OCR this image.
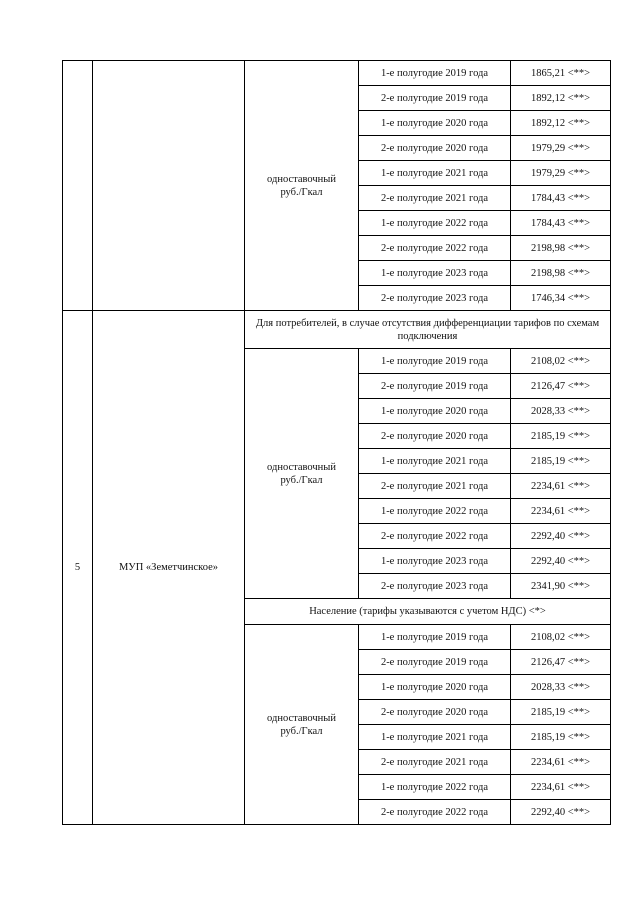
одноставочный
руб./Гкал
1-е полугодие 2019 года	1865,21 <**>
2-е полугодие 2019 года	1892,12 <**>
1-е полугодие 2020 года	1892,12 <**>
2-е полугодие 2020 года	1979,29 <**>
1-е полугодие 2021 года	1979,29 <**>
2-е полугодие 2021 года	1784,43 <**>
1-е полугодие 2022 года	1784,43 <**>
2-е полугодие 2022 года	2198,98 <**>
1-е полугодие 2023 года	2198,98 <**>
2-е полугодие 2023 года	1746,34 <**>
5	МУП «Земетчинское»
Для потребителей, в случае отсутствия дифференциации тарифов по схемам подключения
одноставочный
руб./Гкал
1-е полугодие 2019 года	2108,02 <**>
2-е полугодие 2019 года	2126,47 <**>
1-е полугодие 2020 года	2028,33 <**>
2-е полугодие 2020 года	2185,19 <**>
1-е полугодие 2021 года	2185,19 <**>
2-е полугодие 2021 года	2234,61 <**>
1-е полугодие 2022 года	2234,61 <**>
2-е полугодие 2022 года	2292,40 <**>
1-е полугодие 2023 года	2292,40 <**>
2-е полугодие 2023 года	2341,90 <**>
Население (тарифы указываются с учетом НДС) <*>
одноставочный
руб./Гкал
1-е полугодие 2019 года	2108,02 <**>
2-е полугодие 2019 года	2126,47 <**>
1-е полугодие 2020 года	2028,33 <**>
2-е полугодие 2020 года	2185,19 <**>
1-е полугодие 2021 года	2185,19 <**>
2-е полугодие 2021 года	2234,61 <**>
1-е полугодие 2022 года	2234,61 <**>
2-е полугодие 2022 года	2292,40 <**>
